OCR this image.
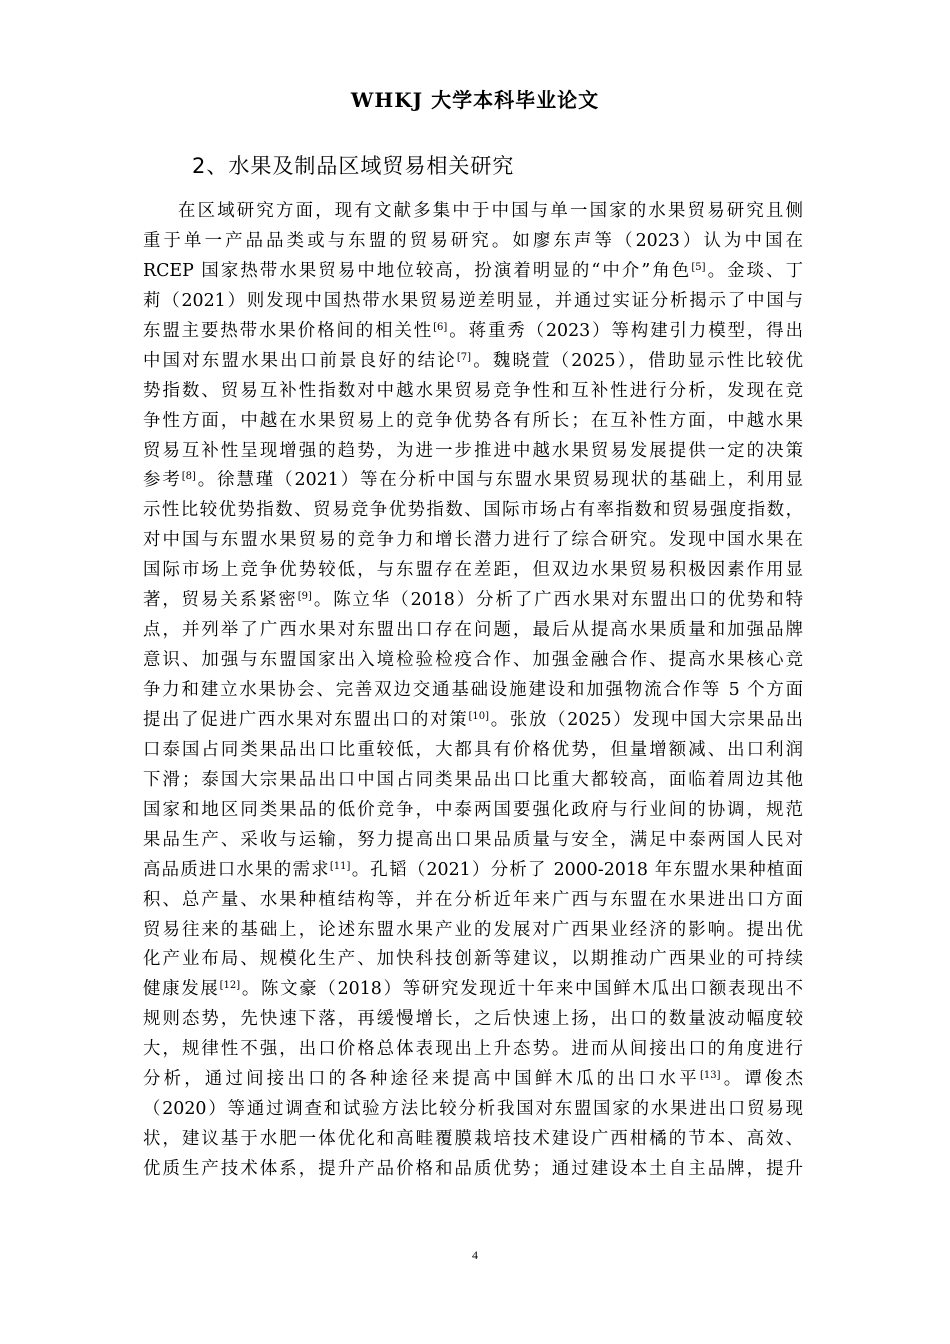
WHKJ 大学本科毕业论文
2、水果及制品区域贸易相关研究
在区域研究方面，现有文献多集中于中国与单一国家的水果贸易研究且侧
重于单一产品品类或与东盟的贸易研究。如廖东声等（2023）认为中国在
RCEP 国家热带水果贸易中地位较高，扮演着明显的“中介”角色[5]。金琰、丁
莉（2021）则发现中国热带水果贸易逆差明显，并通过实证分析揭示了中国与
东盟主要热带水果价格间的相关性[6]。蒋重秀（2023）等构建引力模型，得出
中国对东盟水果出口前景良好的结论[7]。魏晓萱（2025），借助显示性比较优
势指数、贸易互补性指数对中越水果贸易竞争性和互补性进行分析，发现在竞
争性方面，中越在水果贸易上的竞争优势各有所长；在互补性方面，中越水果
贸易互补性呈现增强的趋势，为进一步推进中越水果贸易发展提供一定的决策
参考[8]。徐慧瑾（2021）等在分析中国与东盟水果贸易现状的基础上，利用显
示性比较优势指数、贸易竞争优势指数、国际市场占有率指数和贸易强度指数，
对中国与东盟水果贸易的竞争力和增长潜力进行了综合研究。发现中国水果在
国际市场上竞争优势较低，与东盟存在差距，但双边水果贸易积极因素作用显
著，贸易关系紧密[9]。陈立华（2018）分析了广西水果对东盟出口的优势和特
点，并列举了广西水果对东盟出口存在问题，最后从提高水果质量和加强品牌
意识、加强与东盟国家出入境检验检疫合作、加强金融合作、提高水果核心竞
争力和建立水果协会、完善双边交通基础设施建设和加强物流合作等 5 个方面
提出了促进广西水果对东盟出口的对策[10]。张放（2025）发现中国大宗果品出
口泰国占同类果品出口比重较低，大都具有价格优势，但量增额减、出口利润
下滑；泰国大宗果品出口中国占同类果品出口比重大都较高，面临着周边其他
国家和地区同类果品的低价竞争，中泰两国要强化政府与行业间的协调，规范
果品生产、采收与运输，努力提高出口果品质量与安全，满足中泰两国人民对
高品质进口水果的需求[11]。孔韬（2021）分析了 2000-2018 年东盟水果种植面
积、总产量、水果种植结构等，并在分析近年来广西与东盟在水果进出口方面
贸易往来的基础上，论述东盟水果产业的发展对广西果业经济的影响。提出优
化产业布局、规模化生产、加快科技创新等建议，以期推动广西果业的可持续
健康发展[12]。陈文豪（2018）等研究发现近十年来中国鲜木瓜出口额表现出不
规则态势，先快速下落，再缓慢增长，之后快速上扬，出口的数量波动幅度较
大，规律性不强，出口价格总体表现出上升态势。进而从间接出口的角度进行
分析，通过间接出口的各种途径来提高中国鲜木瓜的出口水平[13]。谭俊杰
（2020）等通过调查和试验方法比较分析我国对东盟国家的水果进出口贸易现
状，建议基于水肥一体优化和高畦覆膜栽培技术建设广西柑橘的节本、高效、
优质生产技术体系，提升产品价格和品质优势；通过建设本土自主品牌，提升
4
